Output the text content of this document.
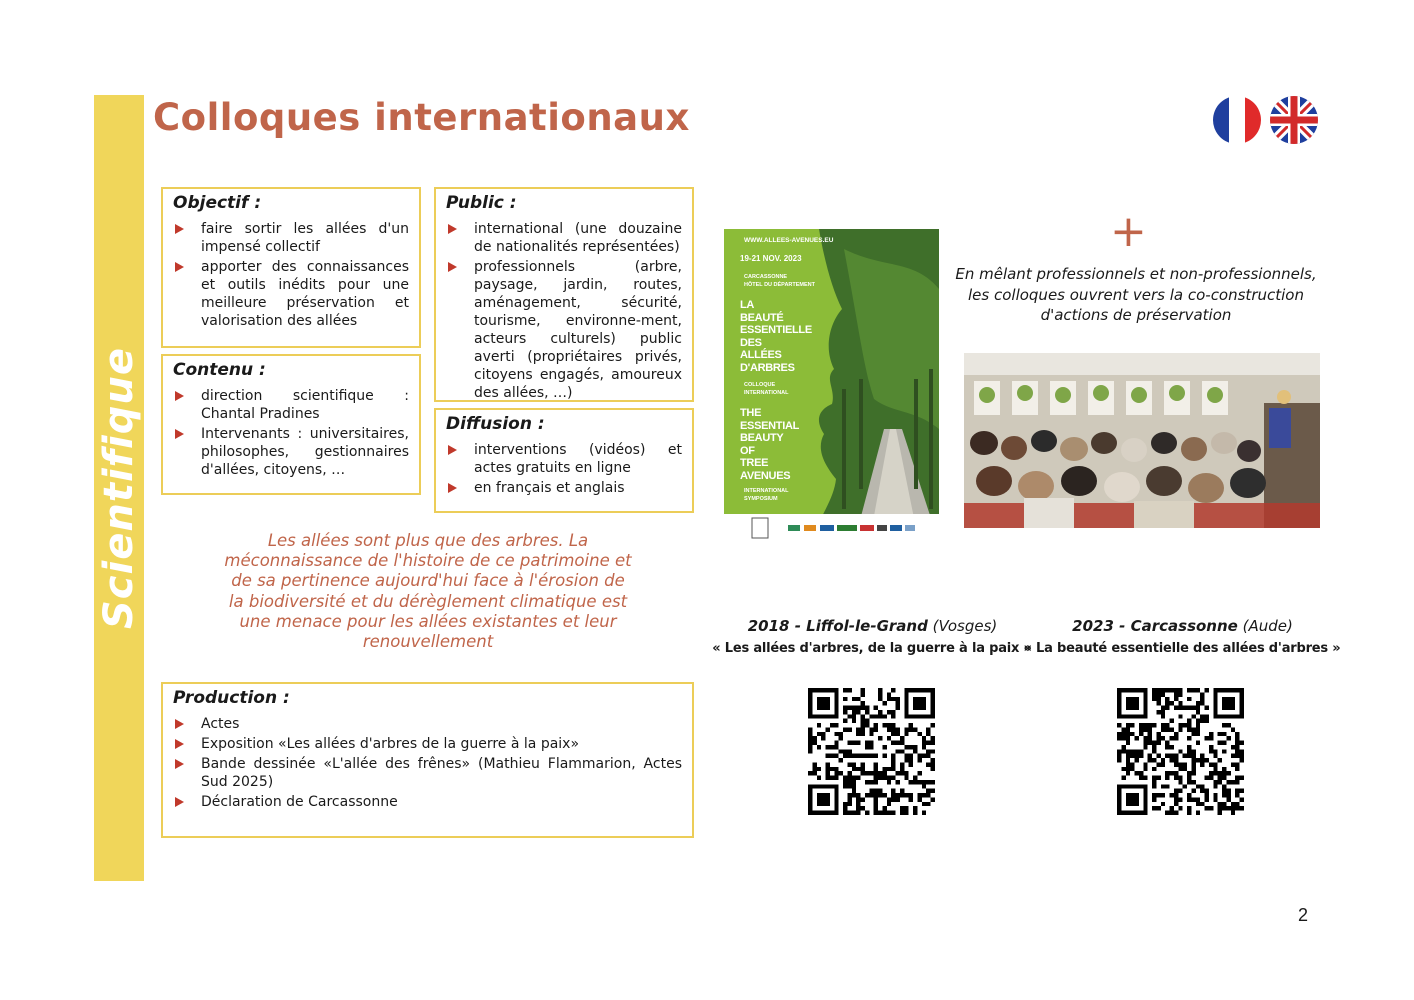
Scientifique
Colloques internationaux
Objectif :
faire sortir les allées d'un impensé collectif
apporter des connaissances et outils inédits pour une meilleure préservation et valorisation des allées
Contenu :
direction scientifique : Chantal Pradines
Intervenants : universitaires, philosophes, gestionnaires d'allées, citoyens, …
Public :
international (une douzaine de nationalités représentées)
professionnels (arbre, paysage, jardin, routes, aménagement, sécurité, tourisme, environne-ment, acteurs culturels) public averti (propriétaires privés, citoyens engagés, amoureux des allées, …)
Diffusion :
interventions (vidéos) et actes gratuits en ligne
en français et anglais
Les allées sont plus que des arbres. La méconnaissance de l'histoire de ce patrimoine et de sa pertinence aujourd'hui face à l'érosion de la biodiversité et du dérèglement climatique est une menace pour les allées existantes et leur renouvellement
Production :
Actes
Exposition «Les allées d'arbres de la guerre à la paix»
Bande dessinée «L'allée des frênes» (Mathieu Flammarion, Actes Sud 2025)
Déclaration de Carcassonne
WWW.ALLEES-AVENUES.EU
19-21 NOV. 2023
CARCASSONNE
HÔTEL DU DÉPARTEMENT
LA
BEAUTÉ
ESSENTIELLE
DES
ALLÉES
D'ARBRES
COLLOQUE
INTERNATIONAL
THE
ESSENTIAL
BEAUTY
OF
TREE
AVENUES
INTERNATIONAL
SYMPOSIUM
+
En mêlant professionnels et non-professionnels, les colloques ouvrent vers la co-construction d'actions de préservation
2018 - Liffol-le-Grand (Vosges)
« Les allées d'arbres, de la guerre à la paix »
2023 - Carcassonne (Aude)
« La beauté essentielle des allées d'arbres »
2
